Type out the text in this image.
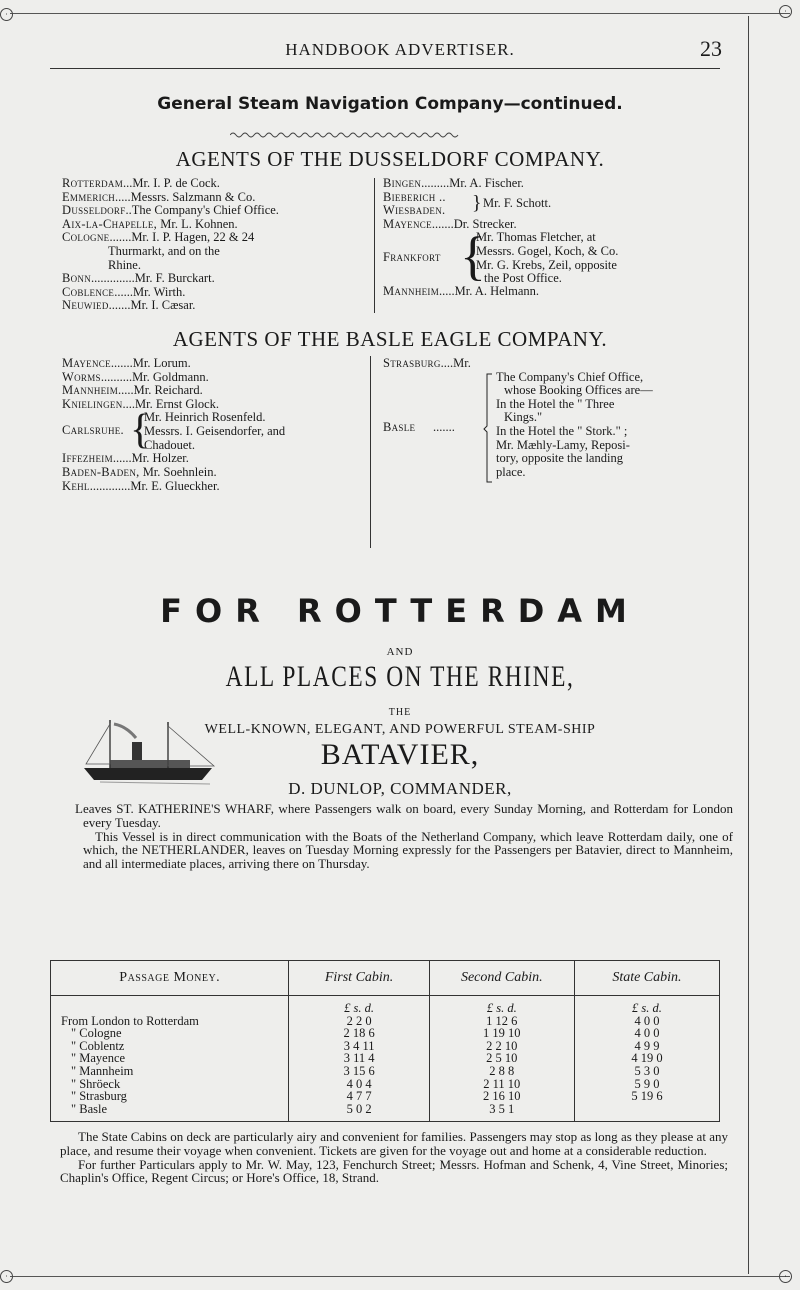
·	·
·	·
HANDBOOK ADVERTISER.	23
General Steam Navigation Company—continued.
AGENTS OF THE DUSSELDORF COMPANY.
Rotterdam...Mr. I. P. de Cock.
Emmerich.....Messrs. Salzmann & Co.
Dusseldorf..The Company's Chief Office.
Aix-la-Chapelle, Mr. L. Kohnen.
Cologne.......Mr. I. P. Hagen, 22 & 24
Thurmarkt, and on the
Rhine.
Bonn..............Mr. F. Burckart.
Coblence......Mr. Wirth.
Neuwied.......Mr. I. Cæsar.
Bingen.........Mr. A. Fischer.
Bieberich .. } Mr. F. Schott.
Wiesbaden.
Mayence.......Dr. Strecker.
Frankfort {
Mr. Thomas Fletcher, at
Messrs. Gogel, Koch, & Co.
Mr. G. Krebs, Zeil, opposite
the Post Office.
Mannheim.....Mr. A. Helmann.
AGENTS OF THE BASLE EAGLE COMPANY.
Mayence.......Mr. Lorum.
Worms..........Mr. Goldmann.
Mannheim.....Mr. Reichard.
Knielingen....Mr. Ernst Glock.
Carlsruhe. {
Mr. Heinrich Rosenfeld.
Messrs. I. Geisendorfer, and
Chadouet.
Iffezheim......Mr. Holzer.
Baden-Baden, Mr. Soehnlein.
Kehl.............Mr. E. Glueckher.
Strasburg....Mr.
Basle .......
The Company's Chief Office,
whose Booking Offices are—
In the Hotel the " Three
Kings."
In the Hotel the " Stork." ;
Mr. Mæhly-Lamy, Reposi-
tory, opposite the landing
place.
FOR ROTTERDAM
AND
ALL PLACES ON THE RHINE,
THE
WELL-KNOWN, ELEGANT, AND POWERFUL STEAM-SHIP
BATAVIER,
D. DUNLOP, COMMANDER,
Leaves ST. KATHERINE'S WHARF, where Passengers walk on board, every Sunday Morning, and Rotterdam for London every Tuesday.
This Vessel is in direct communication with the Boats of the Netherland Company, which leave Rotterdam daily, one of which, the NETHERLANDER, leaves on Tuesday Morning expressly for the Passengers per Batavier, direct to Mannheim, and all intermediate places, arriving there on Thursday.
Passage Money.	First Cabin.	Second Cabin.	State Cabin.
	£ s. d.	£ s. d.	£ s. d.
From London to Rotterdam	2 2 0	1 12 6	4 0 0
" Cologne	2 18 6	1 19 10	4 0 0
" Coblentz	3 4 11	2 2 10	4 9 9
" Mayence	3 11 4	2 5 10	4 19 0
" Mannheim	3 15 6	2 8 8	5 3 0
" Shröeck	4 0 4	2 11 10	5 9 0
" Strasburg	4 7 7	2 16 10	5 19 6
" Basle	5 0 2	3 5 1	
The State Cabins on deck are particularly airy and convenient for families. Passengers may stop as long as they please at any place, and resume their voyage when convenient. Tickets are given for the voyage out and home at a considerable reduction.
For further Particulars apply to Mr. W. May, 123, Fenchurch Street; Messrs. Hofman and Schenk, 4, Vine Street, Minories; Chaplin's Office, Regent Circus; or Hore's Office, 18, Strand.
